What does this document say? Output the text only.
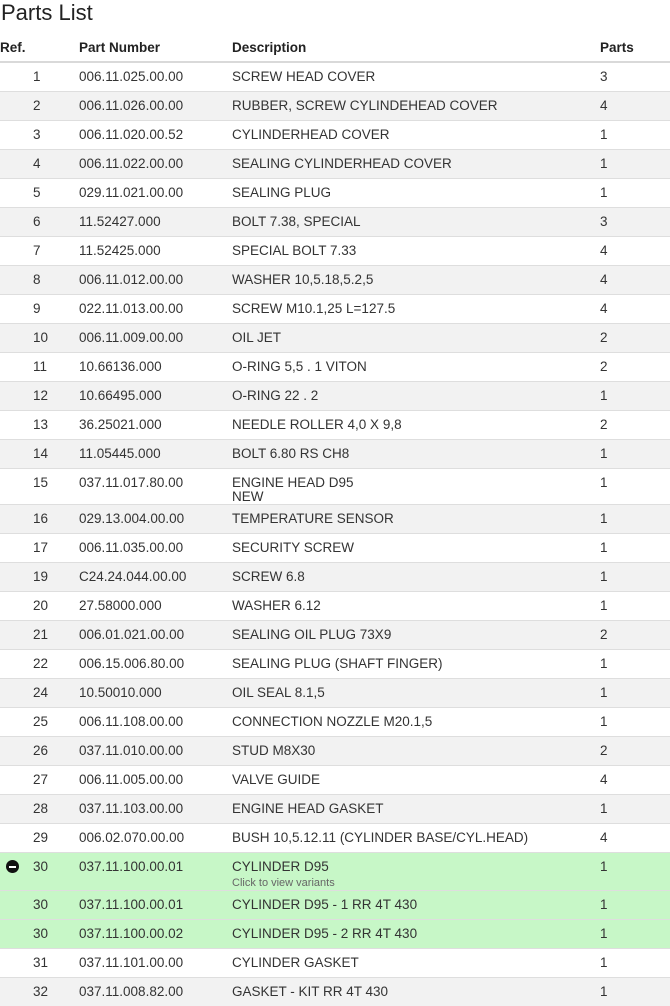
Parts List
Ref.	Part Number	Description	Parts
1	006.11.025.00.00	SCREW HEAD COVER	3
2	006.11.026.00.00	RUBBER, SCREW CYLINDEHEAD COVER	4
3	006.11.020.00.52	CYLINDERHEAD COVER	1
4	006.11.022.00.00	SEALING CYLINDERHEAD COVER	1
5	029.11.021.00.00	SEALING PLUG	1
6	11.52427.000	BOLT 7.38, SPECIAL	3
7	11.52425.000	SPECIAL BOLT 7.33	4
8	006.11.012.00.00	WASHER 10,5.18,5.2,5	4
9	022.11.013.00.00	SCREW M10.1,25 L=127.5	4
10	006.11.009.00.00	OIL JET	2
11	10.66136.000	O-RING 5,5 . 1 VITON	2
12	10.66495.000	O-RING 22 . 2	1
13	36.25021.000	NEEDLE ROLLER 4,0 X 9,8	2
14	11.05445.000	BOLT 6.80 RS CH8	1
15	037.11.017.80.00	ENGINE HEAD D95
NEW	1
16	029.13.004.00.00	TEMPERATURE SENSOR	1
17	006.11.035.00.00	SECURITY SCREW	1
19	C24.24.044.00.00	SCREW 6.8	1
20	27.58000.000	WASHER 6.12	1
21	006.01.021.00.00	SEALING OIL PLUG 73X9	2
22	006.15.006.80.00	SEALING PLUG (SHAFT FINGER)	1
24	10.50010.000	OIL SEAL 8.1,5	1
25	006.11.108.00.00	CONNECTION NOZZLE M20.1,5	1
26	037.11.010.00.00	STUD M8X30	2
27	006.11.005.00.00	VALVE GUIDE	4
28	037.11.103.00.00	ENGINE HEAD GASKET	1
29	006.02.070.00.00	BUSH 10,5.12.11 (CYLINDER BASE/CYL.HEAD)	4

30	037.11.100.00.01	CYLINDER D95
Click to view variants	1
30	037.11.100.00.01	CYLINDER D95 - 1 RR 4T 430	1
30	037.11.100.00.02	CYLINDER D95 - 2 RR 4T 430	1
31	037.11.101.00.00	CYLINDER GASKET	1
32	037.11.008.82.00	GASKET - KIT RR 4T 430	1
